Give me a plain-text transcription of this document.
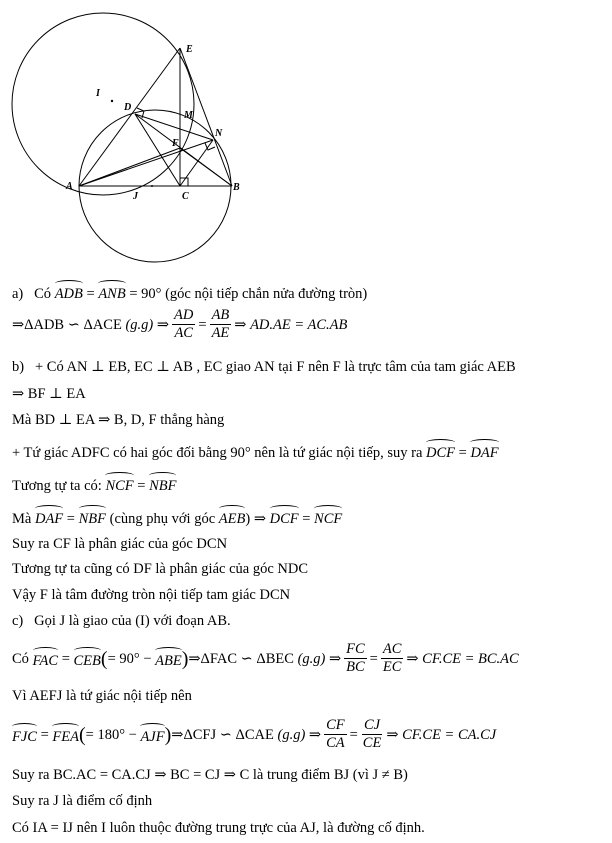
E
I
D
M
N
F
A
J	C
B
a) Có ADB = ANB = 90° (góc nội tiếp chắn nửa đường tròn)
⇒ ΔADB
∽
ΔACE
(g.g)
⇒ $\frac{AD}{AC} = \frac{AB}{AE}$ ⇒
AD.AE = AC.AB
b) + Có AN ⊥ EB, EC ⊥ AB , EC giao AN tại F nên F là trực tâm của tam giác AEB
⇒ BF ⊥ EA
Mà BD ⊥ EA ⇒ B, D, F thẳng hàng
+ Tứ giác ADFC có hai góc đối bằng 90° nên là tứ giác nội tiếp, suy ra DCF = DAF
Tương tự ta có: NCF = NBF
Mà DAF = NBF (cùng phụ với góc AEB) ⇒ DCF = NCF
Suy ra CF là phân giác của góc DCN
Tương tự ta cũng có DF là phân giác của góc NDC
Vậy F là tâm đường tròn nội tiếp tam giác DCN
c) Gọi J là giao của (I) với đoạn AB.
Có
FAC
=
CEB ( =
90° −
ABE ) ⇒ ΔFAC
∽
ΔBEC
(g.g)
⇒ $\frac{FC}{BC} = \frac{AC}{EC}$ ⇒
CF.CE = BC.AC
Vì AEFJ là tứ giác nội tiếp nên
FJC
=
FEA ( =
180° −
AJF ) ⇒ ΔCFJ
∽
ΔCAE
(g.g)
⇒ $\frac{CF}{CA} = \frac{CJ}{CE}$ ⇒
CF.CE = CA.CJ
Suy ra BC.AC = CA.CJ ⇒ BC = CJ ⇒ C là trung điểm BJ (vì J ≠ B)
Suy ra J là điểm cố định
Có IA = IJ nên I luôn thuộc đường trung trực của AJ, là đường cố định.
